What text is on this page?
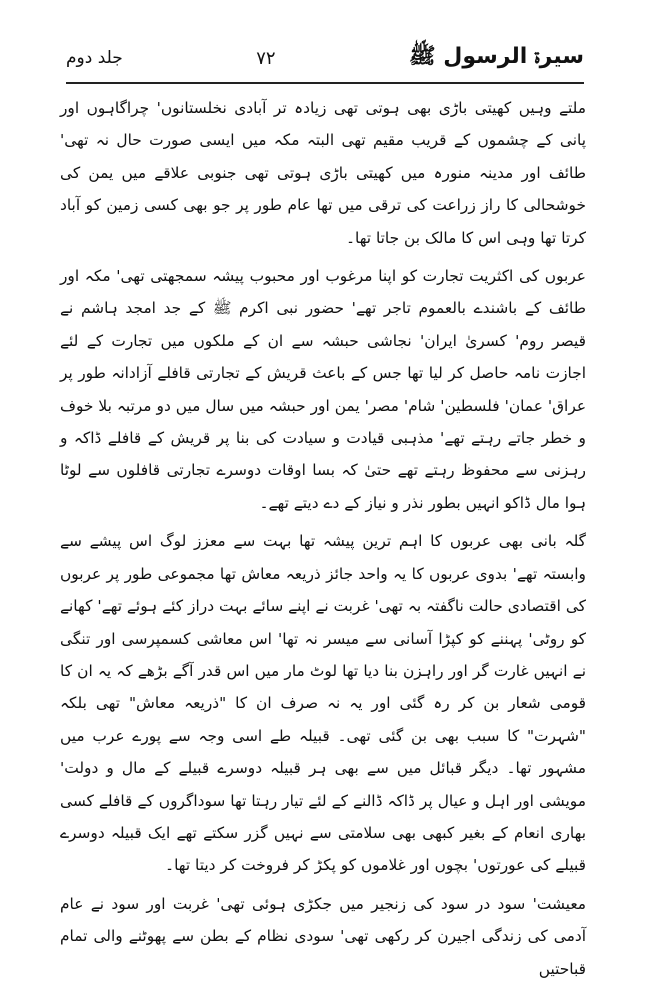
جلد دوم	۷۲	سیرۃ الرسول ﷺ

ملتے وہیں کھیتی باڑی بھی ہوتی تھی زیادہ تر آبادی نخلستانوں' چراگاہوں اور پانی کے چشموں کے قریب مقیم تھی البتہ مکہ میں ایسی صورت حال نہ تھی' طائف اور مدینہ منورہ میں کھیتی باڑی ہوتی تھی جنوبی علاقے میں یمن کی خوشحالی کا راز زراعت کی ترقی میں تھا عام طور پر جو بھی کسی زمین کو آباد کرتا تھا وہی اس کا مالک بن جاتا تھا۔

عربوں کی اکثریت تجارت کو اپنا مرغوب اور محبوب پیشہ سمجھتی تھی' مکہ اور طائف کے باشندے بالعموم تاجر تھے' حضور نبی اکرم ﷺ کے جد امجد ہاشم نے قیصر روم' کسریٰ ایران' نجاشی حبشہ سے ان کے ملکوں میں تجارت کے لئے اجازت نامہ حاصل کر لیا تھا جس کے باعث قریش کے تجارتی قافلے آزادانہ طور پر عراق' عمان' فلسطین' شام' مصر' یمن اور حبشہ میں سال میں دو مرتبہ بلا خوف و خطر جاتے رہتے تھے' مذہبی قیادت و سیادت کی بنا پر قریش کے قافلے ڈاکہ و رہزنی سے محفوظ رہتے تھے حتیٰ کہ بسا اوقات دوسرے تجارتی قافلوں سے لوٹا ہوا مال ڈاکو انہیں بطور نذر و نیاز کے دے دیتے تھے۔

گلہ بانی بھی عربوں کا اہم ترین پیشہ تھا بہت سے معزز لوگ اس پیشے سے وابستہ تھے' بدوی عربوں کا یہ واحد جائز ذریعہ معاش تھا مجموعی طور پر عربوں کی اقتصادی حالت ناگفتہ بہ تھی' غربت نے اپنے سائے بہت دراز کئے ہوئے تھے' کھانے کو روٹی' پہننے کو کپڑا آسانی سے میسر نہ تھا' اس معاشی کسمپرسی اور تنگی نے انہیں غارت گر اور راہزن بنا دیا تھا لوٹ مار میں اس قدر آگے بڑھے کہ یہ ان کا قومی شعار بن کر رہ گئی اور یہ نہ صرف ان کا "ذریعہ معاش" تھی بلکہ "شہرت" کا سبب بھی بن گئی تھی۔ قبیلہ طے اسی وجہ سے پورے عرب میں مشہور تھا۔ دیگر قبائل میں سے بھی ہر قبیلہ دوسرے قبیلے کے مال و دولت' مویشی اور اہل و عیال پر ڈاکہ ڈالنے کے لئے تیار رہتا تھا سوداگروں کے قافلے کسی بھاری انعام کے بغیر کبھی بھی سلامتی سے نہیں گزر سکتے تھے ایک قبیلہ دوسرے قبیلے کی عورتوں' بچوں اور غلاموں کو پکڑ کر فروخت کر دیتا تھا۔

معیشت' سود در سود کی زنجیر میں جکڑی ہوئی تھی' غربت اور سود نے عام آدمی کی زندگی اجیرن کر رکھی تھی' سودی نظام کے بطن سے پھوٹنے والی تمام قباحتیں
